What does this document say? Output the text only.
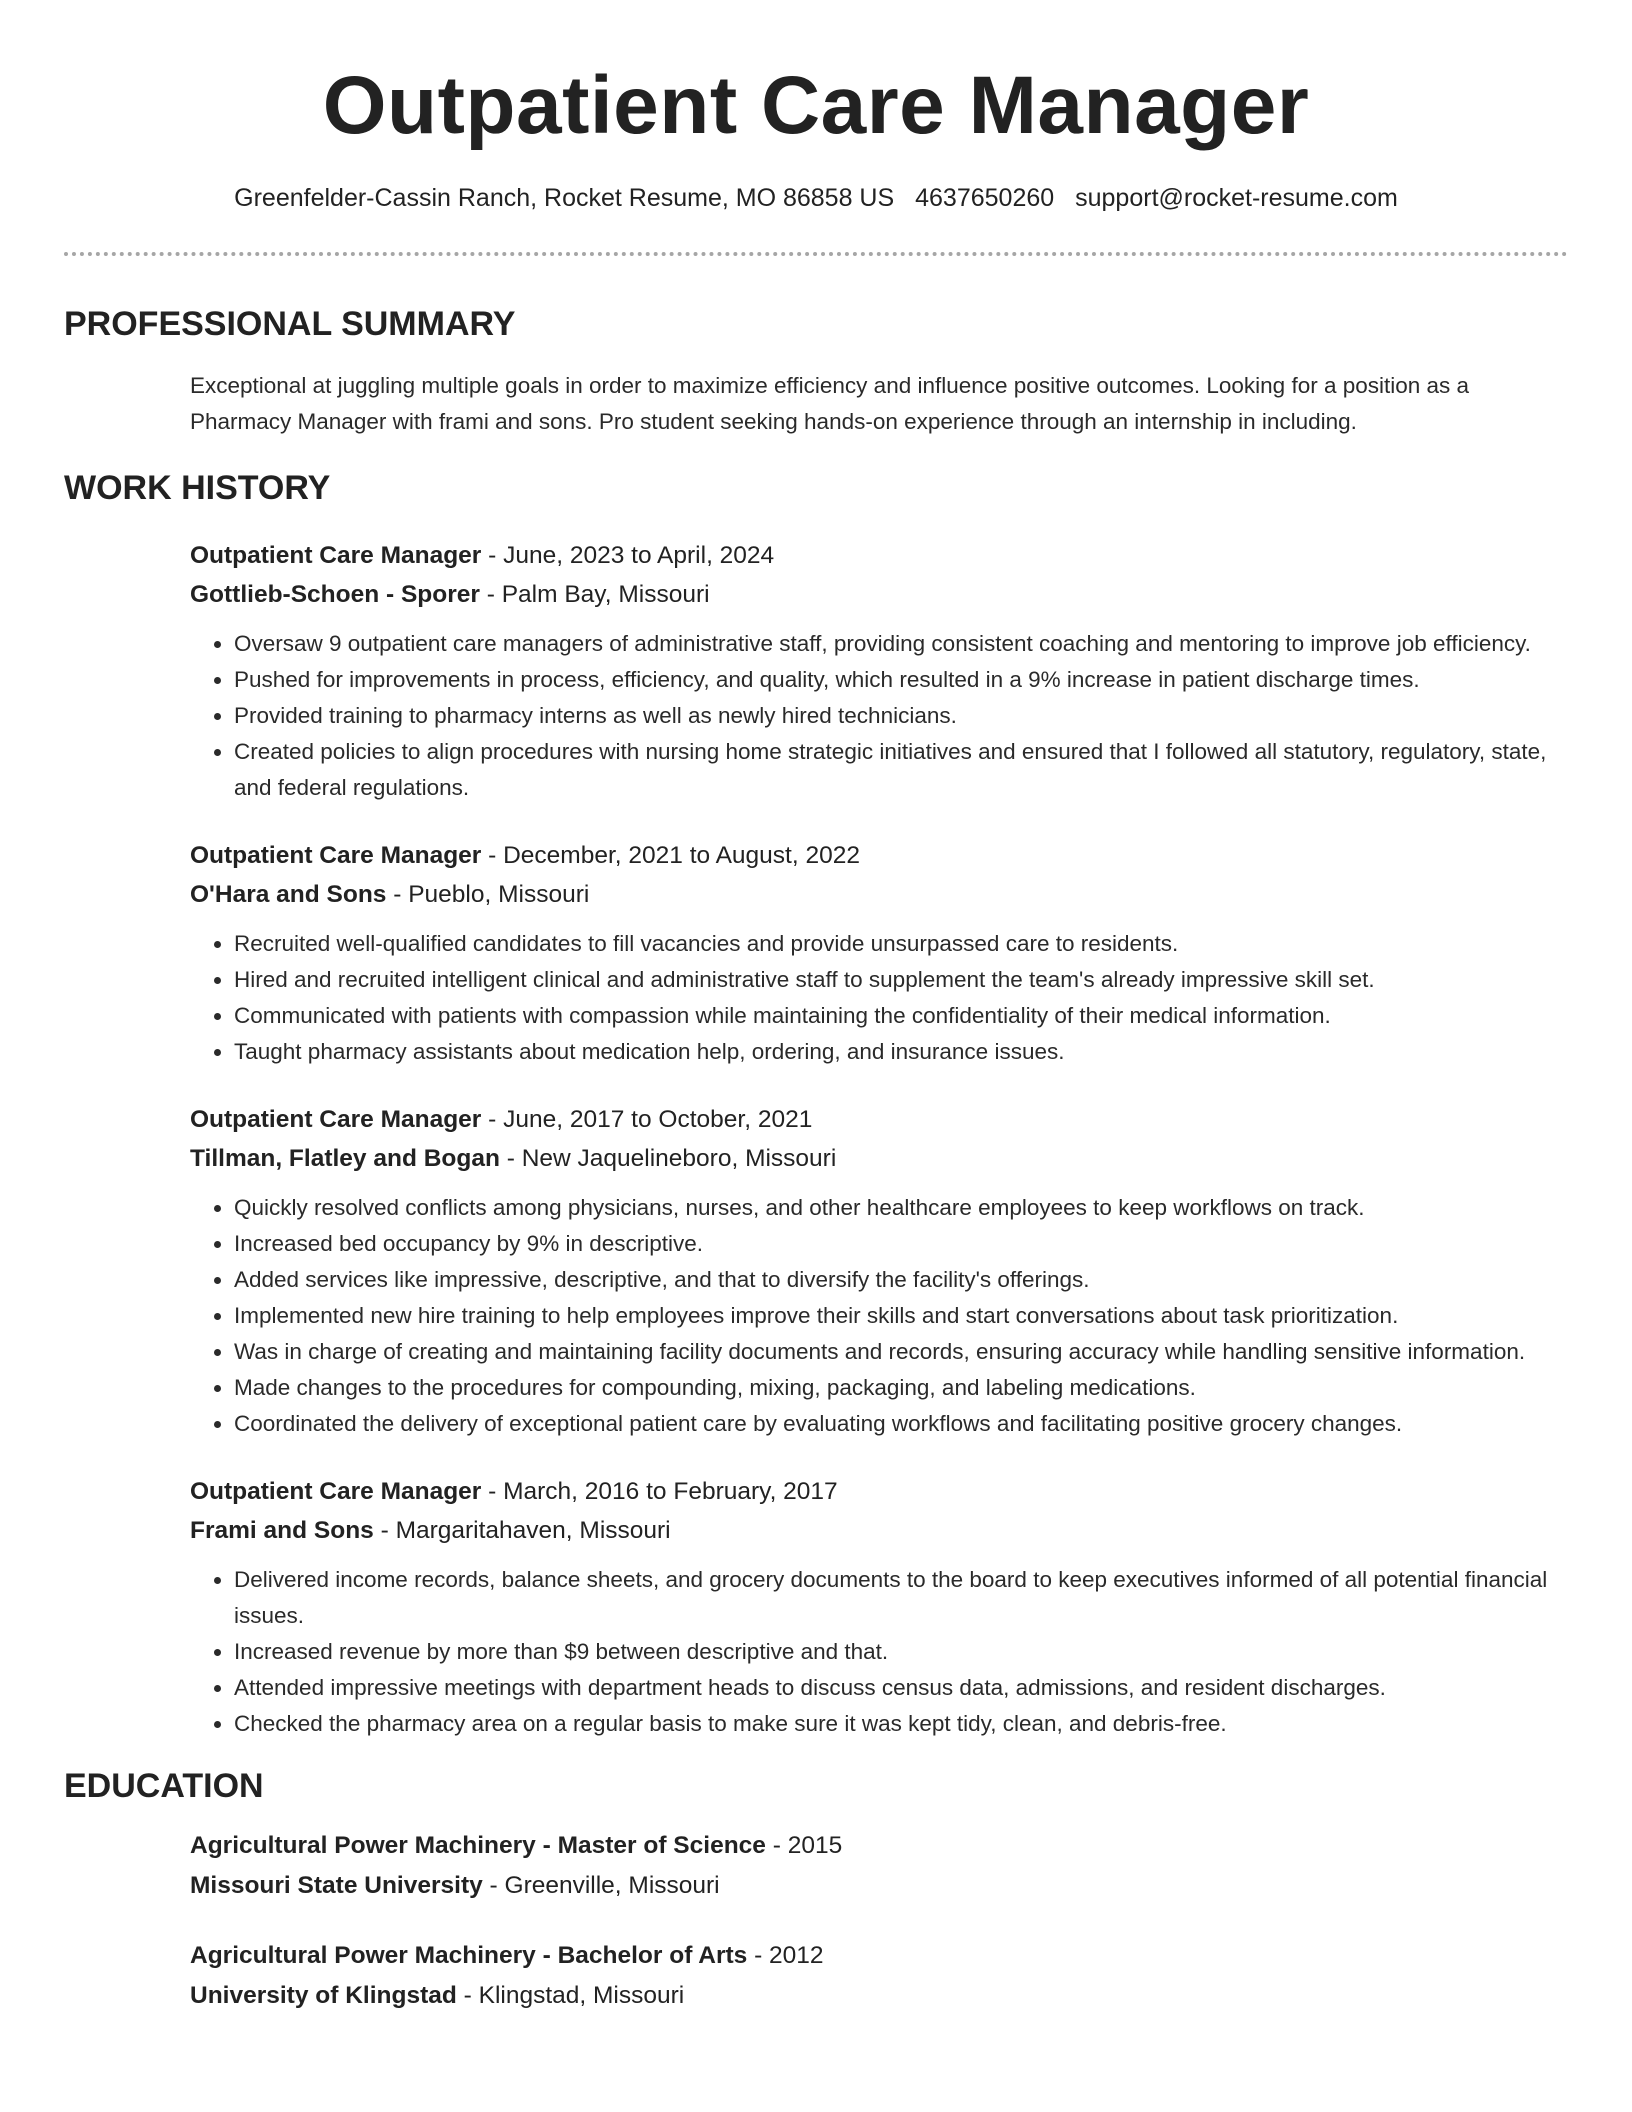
Outpatient Care Manager
Greenfelder-Cassin Ranch, Rocket Resume, MO 86858 US 4637650260 support@rocket-resume.com
PROFESSIONAL SUMMARY
Exceptional at juggling multiple goals in order to maximize efficiency and influence positive outcomes. Looking for a position as a Pharmacy Manager with frami and sons. Pro student seeking hands-on experience through an internship in including.
WORK HISTORY
Outpatient Care Manager - June, 2023 to April, 2024
Gottlieb-Schoen - Sporer - Palm Bay, Missouri
• Oversaw 9 outpatient care managers of administrative staff, providing consistent coaching and mentoring to improve job efficiency.
• Pushed for improvements in process, efficiency, and quality, which resulted in a 9% increase in patient discharge times.
• Provided training to pharmacy interns as well as newly hired technicians.
• Created policies to align procedures with nursing home strategic initiatives and ensured that I followed all statutory, regulatory, state, and federal regulations.
Outpatient Care Manager - December, 2021 to August, 2022
O'Hara and Sons - Pueblo, Missouri
• Recruited well-qualified candidates to fill vacancies and provide unsurpassed care to residents.
• Hired and recruited intelligent clinical and administrative staff to supplement the team's already impressive skill set.
• Communicated with patients with compassion while maintaining the confidentiality of their medical information.
• Taught pharmacy assistants about medication help, ordering, and insurance issues.
Outpatient Care Manager - June, 2017 to October, 2021
Tillman, Flatley and Bogan - New Jaquelineboro, Missouri
• Quickly resolved conflicts among physicians, nurses, and other healthcare employees to keep workflows on track.
• Increased bed occupancy by 9% in descriptive.
• Added services like impressive, descriptive, and that to diversify the facility's offerings.
• Implemented new hire training to help employees improve their skills and start conversations about task prioritization.
• Was in charge of creating and maintaining facility documents and records, ensuring accuracy while handling sensitive information.
• Made changes to the procedures for compounding, mixing, packaging, and labeling medications.
• Coordinated the delivery of exceptional patient care by evaluating workflows and facilitating positive grocery changes.
Outpatient Care Manager - March, 2016 to February, 2017
Frami and Sons - Margaritahaven, Missouri
• Delivered income records, balance sheets, and grocery documents to the board to keep executives informed of all potential financial issues.
• Increased revenue by more than $9 between descriptive and that.
• Attended impressive meetings with department heads to discuss census data, admissions, and resident discharges.
• Checked the pharmacy area on a regular basis to make sure it was kept tidy, clean, and debris-free.
EDUCATION
Agricultural Power Machinery - Master of Science - 2015
Missouri State University - Greenville, Missouri
Agricultural Power Machinery - Bachelor of Arts - 2012
University of Klingstad - Klingstad, Missouri
